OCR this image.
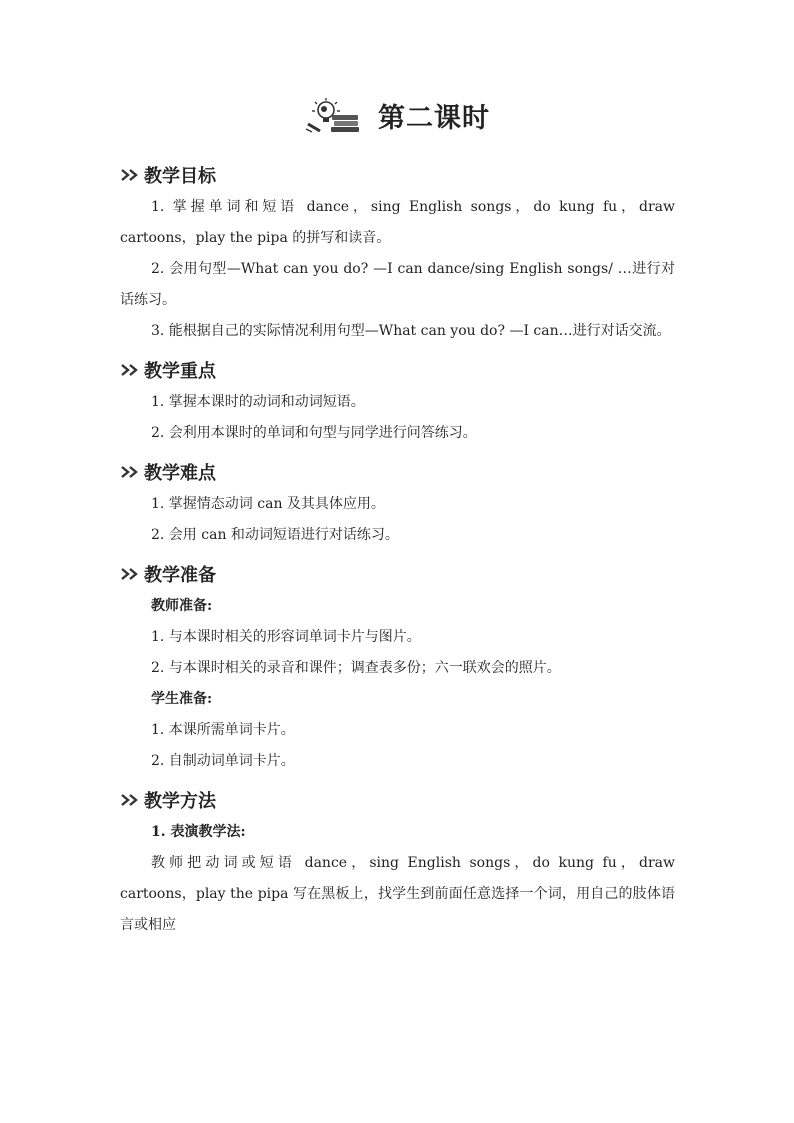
第二课时
教学目标

1. 掌握单词和短语 dance，sing English songs，do kung fu，draw cartoons，play the pipa 的拼写和读音。

2. 会用句型—What can you do? —I can dance/sing English songs/ …进行对话练习。

3. 能根据自己的实际情况利用句型—What can you do? —I can…进行对话交流。

教学重点

1. 掌握本课时的动词和动词短语。

2. 会利用本课时的单词和句型与同学进行问答练习。

教学难点

1. 掌握情态动词 can 及其具体应用。

2. 会用 can 和动词短语进行对话练习。

教学准备

教师准备:

1. 与本课时相关的形容词单词卡片与图片。

2. 与本课时相关的录音和课件；调查表多份；六一联欢会的照片。

学生准备:

1. 本课所需单词卡片。

2. 自制动词单词卡片。

教学方法

1. 表演教学法:

教师把动词或短语 dance，sing English songs，do kung fu，draw cartoons，play the pipa 写在黑板上，找学生到前面任意选择一个词，用自己的肢体语言或相应
